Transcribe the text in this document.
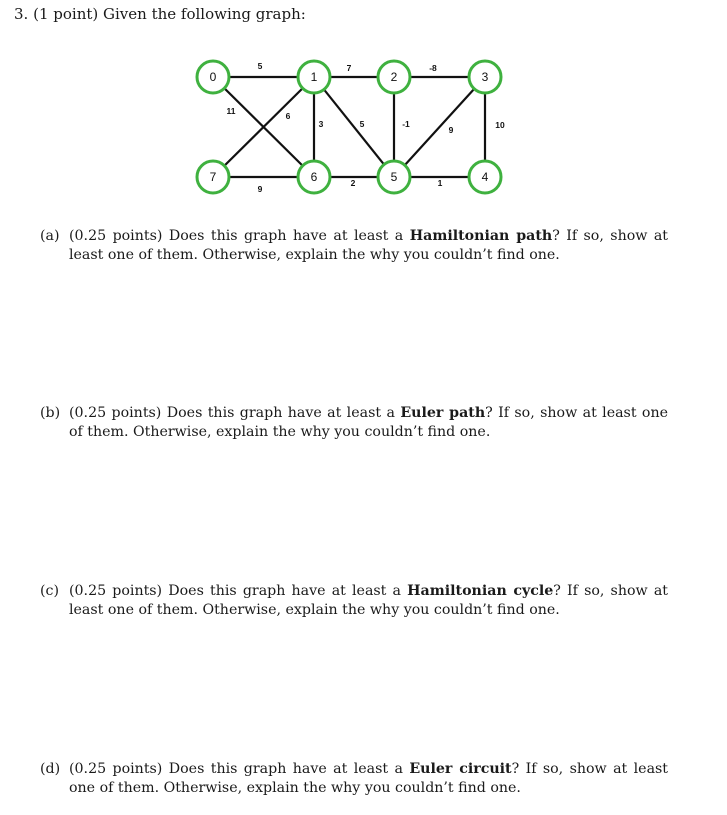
3. (1 point) Given the following graph:
5	7	-8
11	6
3	5	-1
9	10
9
2	1
0	1	2	3
7	6	5	4
(a) (0.25 points) Does this graph have at least a Hamiltonian path? If so, show at least one of them. Otherwise, explain the why you couldn’t find one.
(b) (0.25 points) Does this graph have at least a Euler path? If so, show at least one of them. Otherwise, explain the why you couldn’t find one.
(c) (0.25 points) Does this graph have at least a Hamiltonian cycle? If so, show at least one of them. Otherwise, explain the why you couldn’t find one.
(d) (0.25 points) Does this graph have at least a Euler circuit? If so, show at least one of them. Otherwise, explain the why you couldn’t find one.
